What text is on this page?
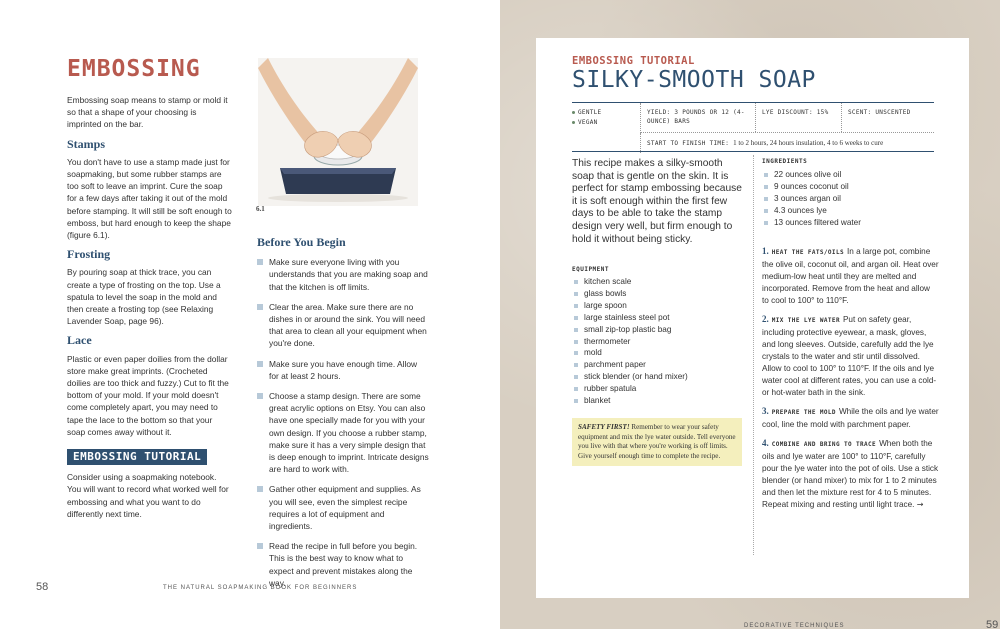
EMBOSSING

Embossing soap means to stamp or mold it so that a shape of your choosing is imprinted on the bar.

Stamps

You don't have to use a stamp made just for soapmaking, but some rubber stamps are too soft to leave an imprint. Cure the soap for a few days after taking it out of the mold before stamping. It will still be soft enough to emboss, but hard enough to keep the shape (figure 6.1).

Frosting

By pouring soap at thick trace, you can create a type of frosting on the top. Use a spatula to level the soap in the mold and then create a frosting top (see Relaxing Lavender Soap, page 96).

Lace

Plastic or even paper doilies from the dollar store make great imprints. (Crocheted doilies are too thick and fuzzy.) Cut to fit the bottom of your mold. If your mold doesn't come completely apart, you may need to tape the lace to the bottom so that your soap comes away without it.

EMBOSSING TUTORIAL

Consider using a soapmaking notebook. You will want to record what worked well for embossing and what you want to do differently next time.

6.1
Before You Begin
Make sure everyone living with you understands that you are making soap and that the kitchen is off limits.
Clear the area. Make sure there are no dishes in or around the sink. You will need that area to clean all your equipment when you're done.
Make sure you have enough time. Allow for at least 2 hours.
Choose a stamp design. There are some great acrylic options on Etsy. You can also have one specially made for you with your own design. If you choose a rubber stamp, make sure it has a very simple design that is deep enough to imprint. Intricate designs are hard to work with.
Gather other equipment and supplies. As you will see, even the simplest recipe requires a lot of equipment and ingredients.
Read the recipe in full before you begin. This is the best way to know what to expect and prevent mistakes along the way.
58	THE NATURAL SOAPMAKING BOOK FOR BEGINNERS
EMBOSSING TUTORIAL
SILKY-SMOOTH SOAP
GENTLE
VEGAN
YIELD: 3 POUNDS OR 12 (4-OUNCE) BARS
LYE DISCOUNT: 15%	SCENT: UNSCENTED
START TO FINISH TIME: 1 to 2 hours, 24 hours insulation, 4 to 6 weeks to cure
This recipe makes a silky-smooth soap that is gentle on the skin. It is perfect for stamp embossing because it is soft enough within the first few days to be able to take the stamp design very well, but firm enough to hold it without being sticky.
EQUIPMENT
kitchen scale
glass bowls
large spoon
large stainless steel pot
small zip-top plastic bag
thermometer
mold
parchment paper
stick blender (or hand mixer)
rubber spatula
blanket
SAFETY FIRST! Remember to wear your safety equipment and mix the lye water outside. Tell everyone you live with that where you're working is off limits. Give yourself enough time to complete the recipe.
INGREDIENTS
22 ounces olive oil
9 ounces coconut oil
3 ounces argan oil
4.3 ounces lye
13 ounces filtered water
1. HEAT THE FATS/OILS In a large pot, combine the olive oil, coconut oil, and argan oil. Heat over medium-low heat until they are melted and incorporated. Remove from the heat and allow to cool to 100° to 110°F.
2. MIX THE LYE WATER Put on safety gear, including protective eyewear, a mask, gloves, and long sleeves. Outside, carefully add the lye crystals to the water and stir until dissolved. Allow to cool to 100° to 110°F. If the oils and lye water cool at different rates, you can use a cold- or hot-water bath in the sink.
3. PREPARE THE MOLD While the oils and lye water cool, line the mold with parchment paper.
4. COMBINE AND BRING TO TRACE When both the oils and lye water are 100° to 110°F, carefully pour the lye water into the pot of oils. Use a stick blender (or hand mixer) to mix for 1 to 2 minutes and then let the mixture rest for 4 to 5 minutes. Repeat mixing and resting until light trace. →
DECORATIVE TECHNIQUES	59
